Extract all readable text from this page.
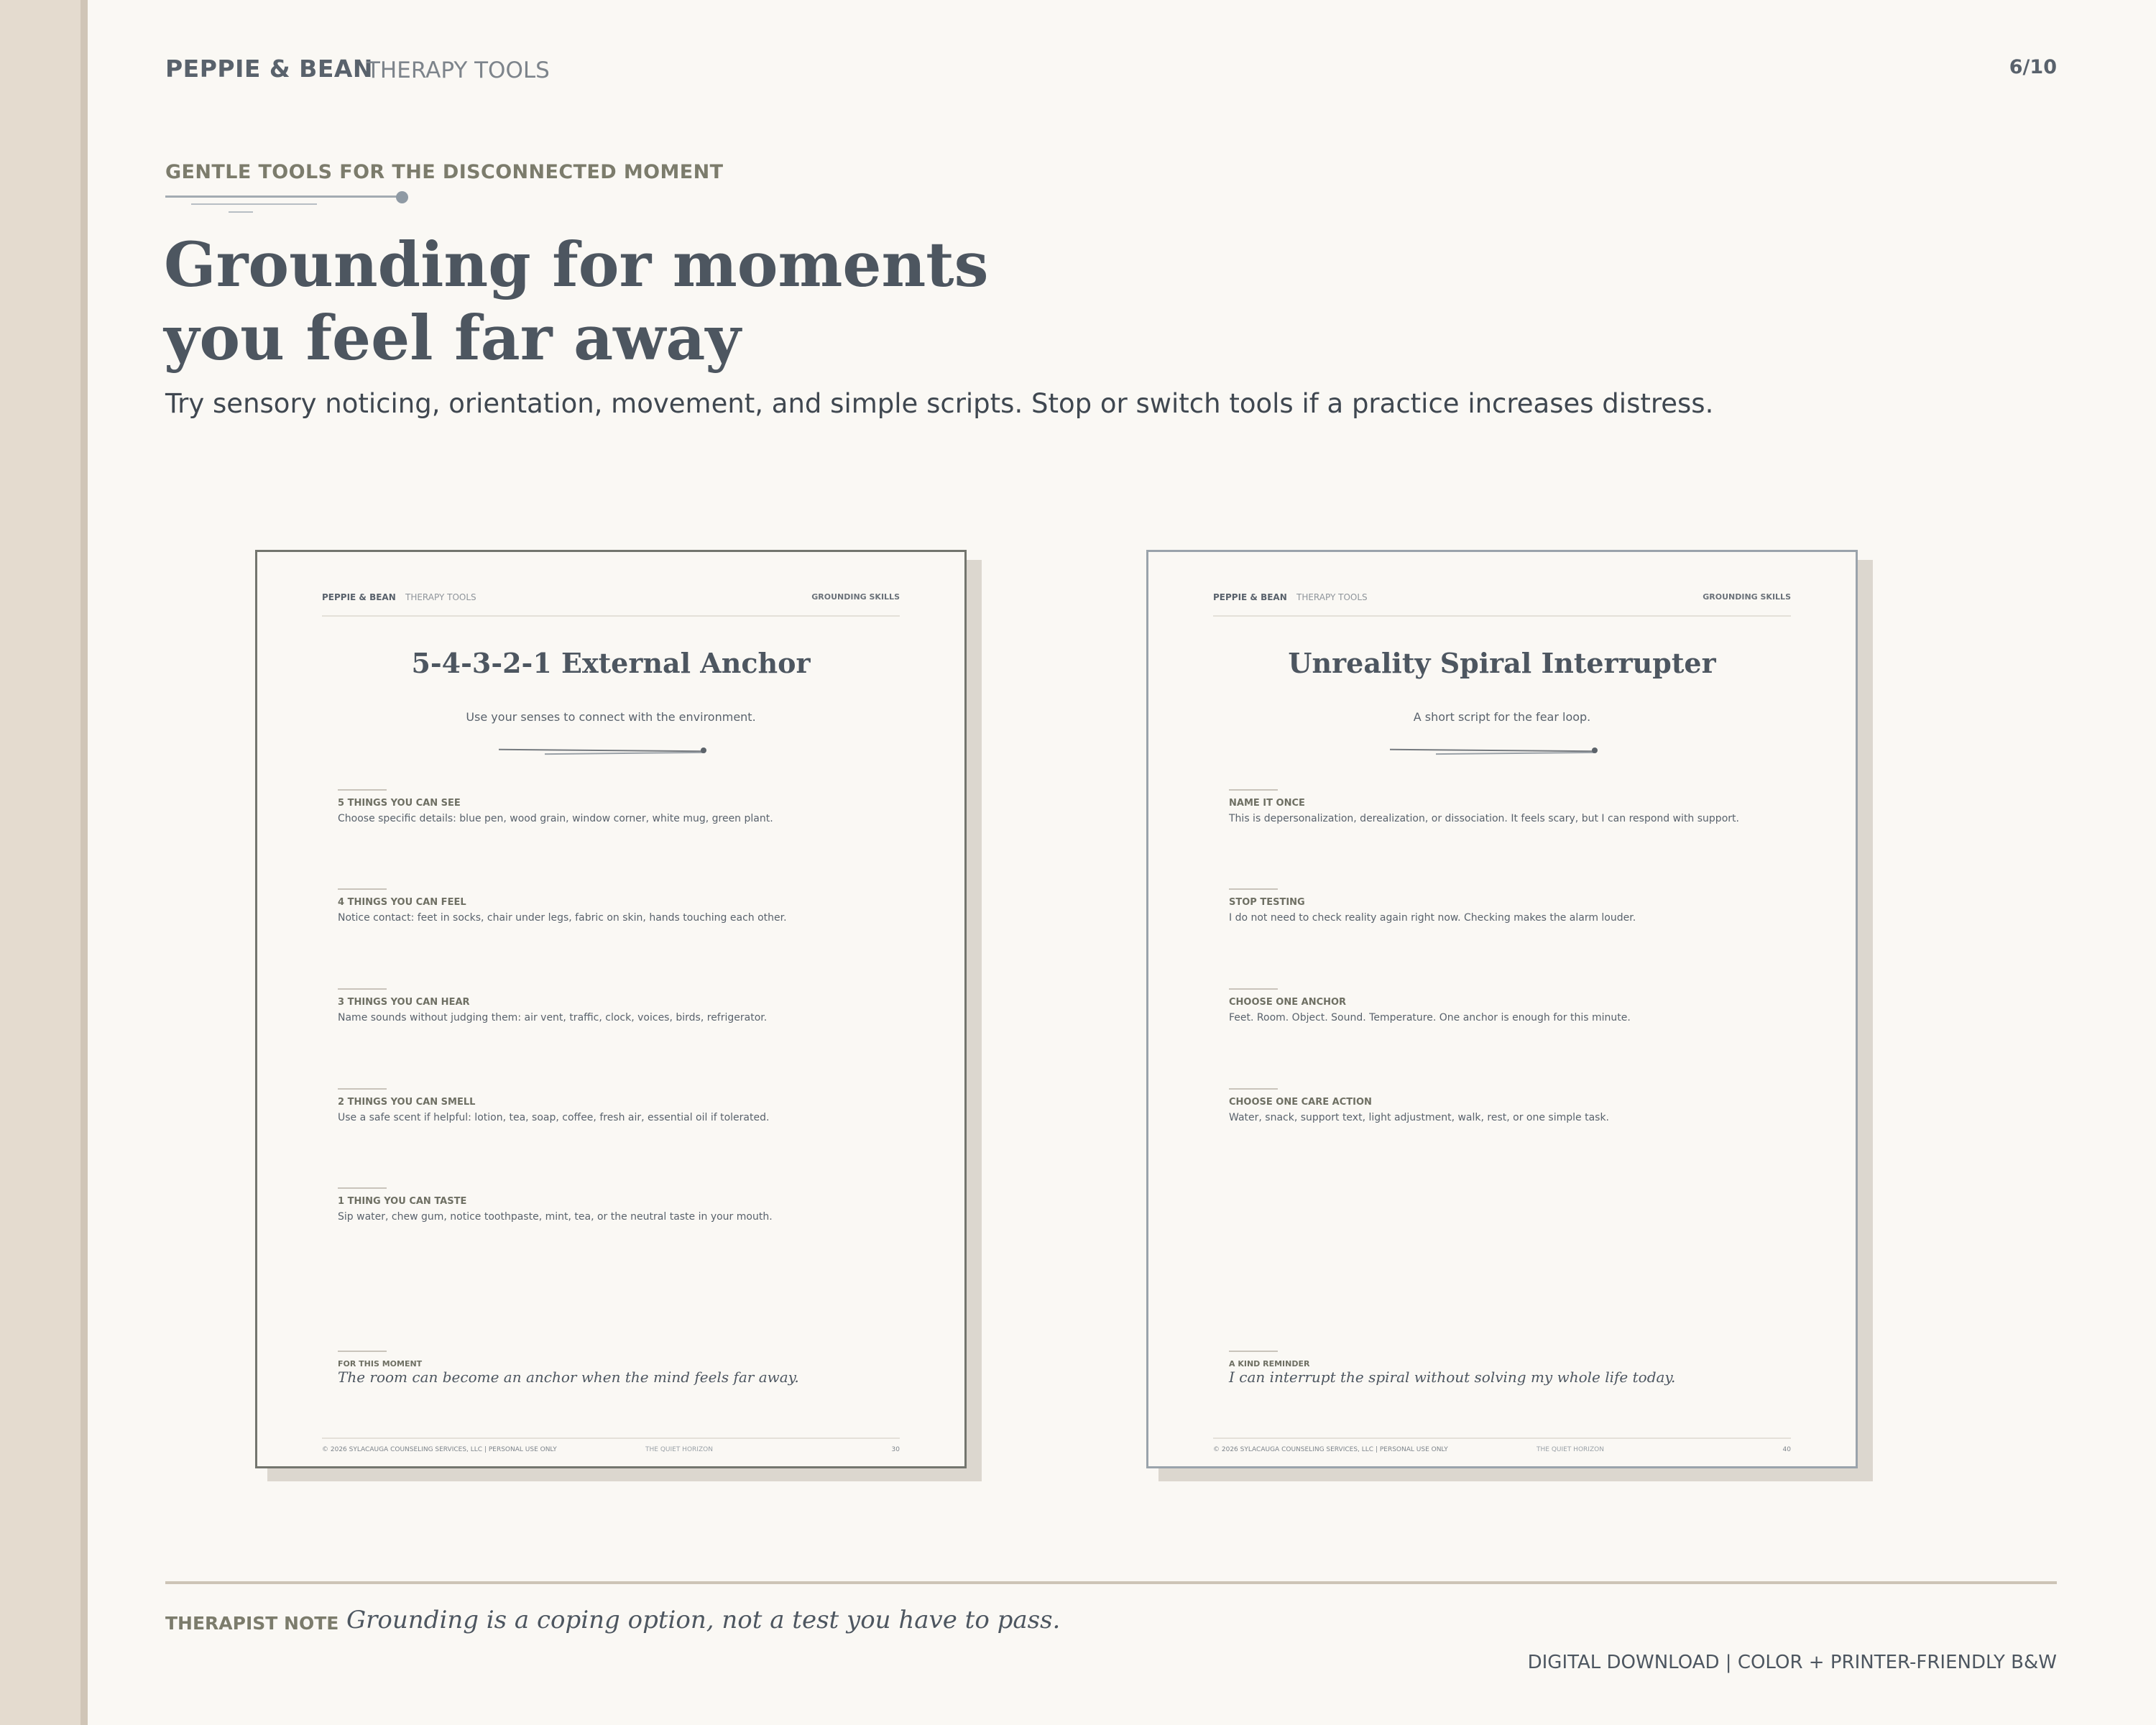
PEPPIE & BEAN
THERAPY TOOLS	6/10
GENTLE TOOLS FOR THE DISCONNECTED MOMENT
Grounding for moments
you feel far away
Try sensory noticing, orientation, movement, and simple scripts. Stop or switch tools if a practice increases distress.
PEPPIE & BEAN THERAPY TOOLS	GROUNDING SKILLS
5-4-3-2-1 External Anchor
Use your senses to connect with the environment.
5 THINGS YOU CAN SEE
Choose specific details: blue pen, wood grain, window corner, white mug, green plant.
4 THINGS YOU CAN FEEL
Notice contact: feet in socks, chair under legs, fabric on skin, hands touching each other.
3 THINGS YOU CAN HEAR
Name sounds without judging them: air vent, traffic, clock, voices, birds, refrigerator.
2 THINGS YOU CAN SMELL
Use a safe scent if helpful: lotion, tea, soap, coffee, fresh air, essential oil if tolerated.
1 THING YOU CAN TASTE
Sip water, chew gum, notice toothpaste, mint, tea, or the neutral taste in your mouth.
FOR THIS MOMENT
The room can become an anchor when the mind feels far away.
© 2026 SYLACAUGA COUNSELING SERVICES, LLC | PERSONAL USE ONLY	THE QUIET HORIZON	30
PEPPIE & BEAN THERAPY TOOLS	GROUNDING SKILLS
Unreality Spiral Interrupter
A short script for the fear loop.
NAME IT ONCE
This is depersonalization, derealization, or dissociation. It feels scary, but I can respond with support.
STOP TESTING
I do not need to check reality again right now. Checking makes the alarm louder.
CHOOSE ONE ANCHOR
Feet. Room. Object. Sound. Temperature. One anchor is enough for this minute.
CHOOSE ONE CARE ACTION
Water, snack, support text, light adjustment, walk, rest, or one simple task.
A KIND REMINDER
I can interrupt the spiral without solving my whole life today.
© 2026 SYLACAUGA COUNSELING SERVICES, LLC | PERSONAL USE ONLY	THE QUIET HORIZON	40
THERAPIST NOTE Grounding is a coping option, not a test you have to pass.
DIGITAL DOWNLOAD | COLOR + PRINTER-FRIENDLY B&W
